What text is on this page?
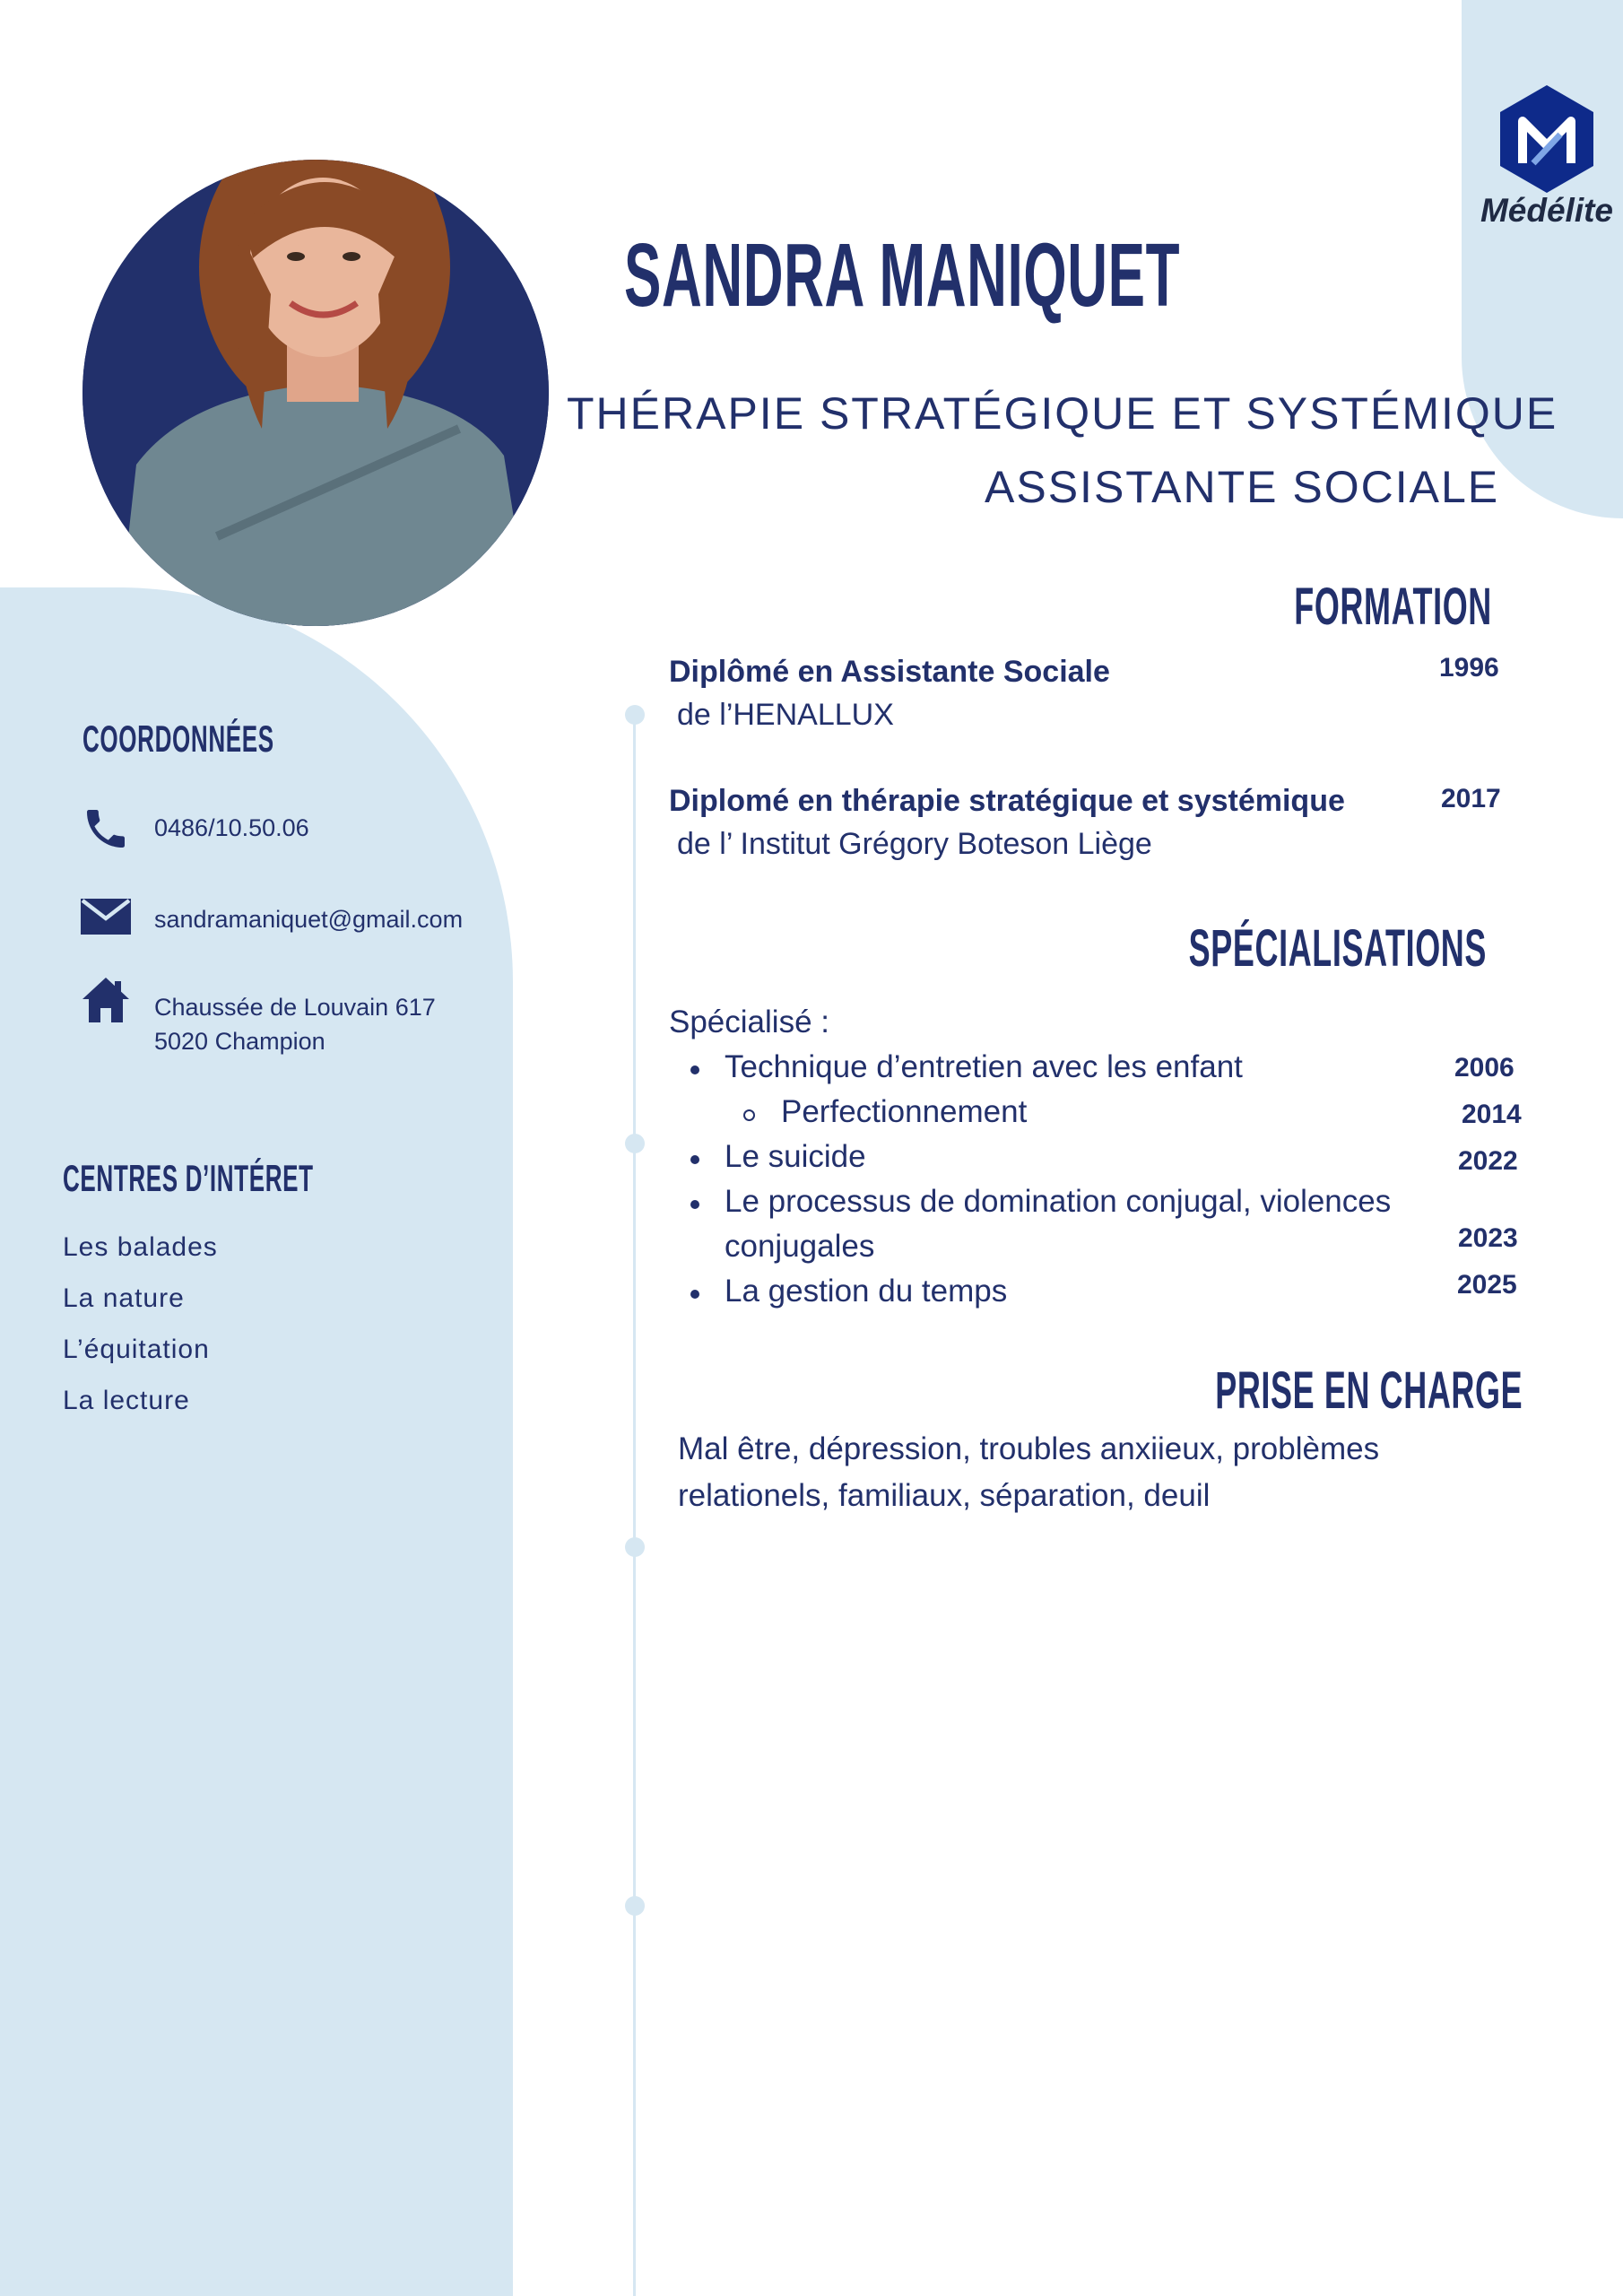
Médélite
SANDRA MANIQUET
THÉRAPIE STRATÉGIQUE ET SYSTÉMIQUE
ASSISTANTE SOCIALE
FORMATION
Diplômé en Assistante Sociale
de l’HENALLUX
1996
Diplomé en thérapie stratégique et systémique
de l’ Institut Grégory Boteson Liège
2017
SPÉCIALISATIONS
Spécialisé :
Technique d’entretien avec les enfant	2006
Perfectionnement	2014
Le suicide	2022
Le processus de domination conjugal, violences
conjugales	2023
La gestion du temps	2025
PRISE EN CHARGE
Mal être, dépression, troubles anxiieux, problèmes
relationels, familiaux, séparation, deuil
COORDONNÉES
0486/10.50.06
sandramaniquet@gmail.com
Chaussée de Louvain 617
5020 Champion
CENTRES D’INTÉRET
Les balades
La nature
L’équitation
La lecture
